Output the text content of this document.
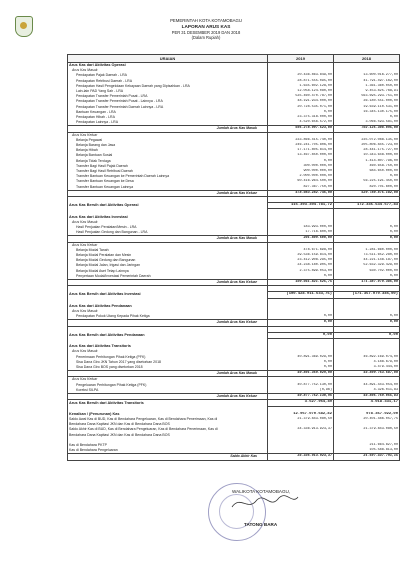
PEMERINTAH KOTA KOTAMOBAGU
LAPORAN ARUS KAS
PER 31 DESEMBER 2019 DAN 2018
(Dalam Rupiah)
URAIAN	2019	2018
Arus Kas dari Aktivitas Operasi		
Arus Kas Masuk		
Pendapatan Pajak Daerah - LRA	20.436.863.849,00	13.600.016.277,00
Pendapatan Retribusi Daerah - LRA	28.871.555.095,00	41.791.497.162,00
Pendapatan Hasil Pengelolaan Kekayaan Daerah yang Dipisahkan - LRA	1.635.602.128,00	1.361.360.050,00
Lain-lain PAD Yang Sah - LRA	12.058.124.080,00	9.453.825.768,91
Pendapatan Transfer Pemerintah Pusat - LRA	535.460.470.787,00	563.695.293.751,00
Pendapatan Transfer Pemerintah Pusat - Lainnya - LRA	48.191.934.000,00	36.180.551.000,00
Pendapatan Transfer Pemerintah Daerah Lainnya - LRA	20.728.535.071,00	19.639.110.531,00
Bantuan Keuangan - LRA	0,00	16.345.130.175,00
Pendapatan Hibah - LRA	23.375.318.000,00	0,00
Pendapatan Lainnya - LRA	4.520.656.572,00	3.066.593.581,00
Jumlah Arus Kas Masuk	695.278.997.523,00	702.125.308.095,00
Arus Kas Keluar		
Belanja Pegawai	233.866.415.740,00	235.072.088.135,00
Belanja Barang dan Jasa	246.241.705.806,00	205.806.845.723,00
Belanja Hibah	17.171.805.814,00	28.441.175.727,00
Belanja Bantuan Sosial	13.467.850.000,00	10.343.648.000,00
Belanja Tidak Terduga	0,00	1.414.807.796,00
Transfer Bagi Hasil Pajak Daerah	300.000.000,00	460.658.750,00
Transfer Bagi Hasil Retribusi Daerah	900.000.000,00	684.650.000,00
Transfer Bantuan Keuangan ke Pemerintah Daerah Lainnya	2.000.000.000,00	0,00
Transfer Bantuan Keuangan ke Desa	60.416.964.500,00	56.225.191.450,00
Transfer Bantuan Keuangan Lainnya	827.367.750,00	820.701.600,00
Jumlah Arus Kas Keluar	478.083.282.746,00	529.780.875.182,00

Arus Kas Bersih dari Aktivitas Operasi	116.393.394.781,72	172.335.534.677,83

Arus Kas dari Aktivitas Investasi		
Arus Kas Masuk		
Hasil Penjualan Peralatan/Mesin - LRA	183.993.000,00	0,00
Hasil Penjualan Gedung dan Bangunan - LRA	17.716.600,00	0,00
Jumlah Arus Kas Masuk	201.809.600,00	0,00
Arus Kas Keluar		
Belanja Modal Tanah	478.671.698,00	1.281.660.000,00
Belanja Modal Peralatan dan Mesin	39.536.159.814,00	73.511.652.280,00
Belanja Modal Gedung dan Bangunan	23.412.908.295,00	44.221.148.187,00
Belanja Modal Jalan, Irigasi dan Jaringan	34.238.180.905,00	52.632.329.429,00
Belanja Modal Aset Tetap Lainnya	2.375.899.053,00	630.702.000,00
Penyertaan Modal/Investasi Pemerintah Daerah	0,00	0,00
Jumlah Arus Kas Keluar	100.041.821.625,75	171.387.079.386,00

Arus Kas Bersih dari Aktivitas Investasi	(100.428.911.633,75)	(171.357.079.386,00)

Arus Kas dari Aktivitas Pendanaan		
Arus Kas Masuk		
Pendapatan Pokok Utang Kepada Pihak Ketiga	0,00	0,00
Jumlah Arus Kas Keluar	0,00	0,00

Arus Kas Bersih dari Aktivitas Pendanaan	0,00	0,00

Arus Kas dari Aktivitas Transitoris		
Arus Kas Masuk		
Penerimaan Perhitungan Pihak Ketiga (PFK)	40.891.369.029,00	46.892.169.074,00
Sisa Dana Giro JKN Tahun 2017 yang disetorkan 2018	0,00	4.188.679,00
Sisa Dana Giro BOS yang disetorkan 2018	0,00	3.479.444,00
Jumlah Arus Kas Masuk	40.891.369.029,00	44.899.763.687,00
Arus Kas Keluar		
Pengeluaran Perhitungan Pihak Ketiga (PFK)	40.877.752.130,00	44.891.443.054,00
Koreksi SILPA	(0,96)	4.326.011,83
Jumlah Arus Kas Keluar	40.877.752.130,96	44.895.769.065,83
Arus Kas Bersih dari Aktivitas Transitoris	3.627.964,89	4.018.331,17

Kenaikan / (Penurunan) Kas	12.967.070.682,82	978.357.022,00
Saldo Awal Kas di BUD, Kas di Bendahara Pengeluaran, Kas di Bendahara Penerimaan, Kas di	21.379.843.080,50	20.401.486.057,75
Bendahara Dana Kapitasi JKN dan Kas di Bendahara Dana BOS		
Saldo Akhir Kas di BUD, Kas di Bendahara Pengeluaran, Kas di Bendahara Penerimaan, Kas di	34.336.913.923,37	21.379.843.080,50
Bendahara Dana Kapitasi JKN dan Kas di Bendahara Dana BOS		

Kas di Bendahara PKTP		211.664.827,00
Kas di Bendahara Pengeluaran		105.588.813,00
Saldo Akhir Kas	34.336.913.923,37	21.697.437.791,15
WALIKOTA KOTAMOBAGU,
TATONG BARA
